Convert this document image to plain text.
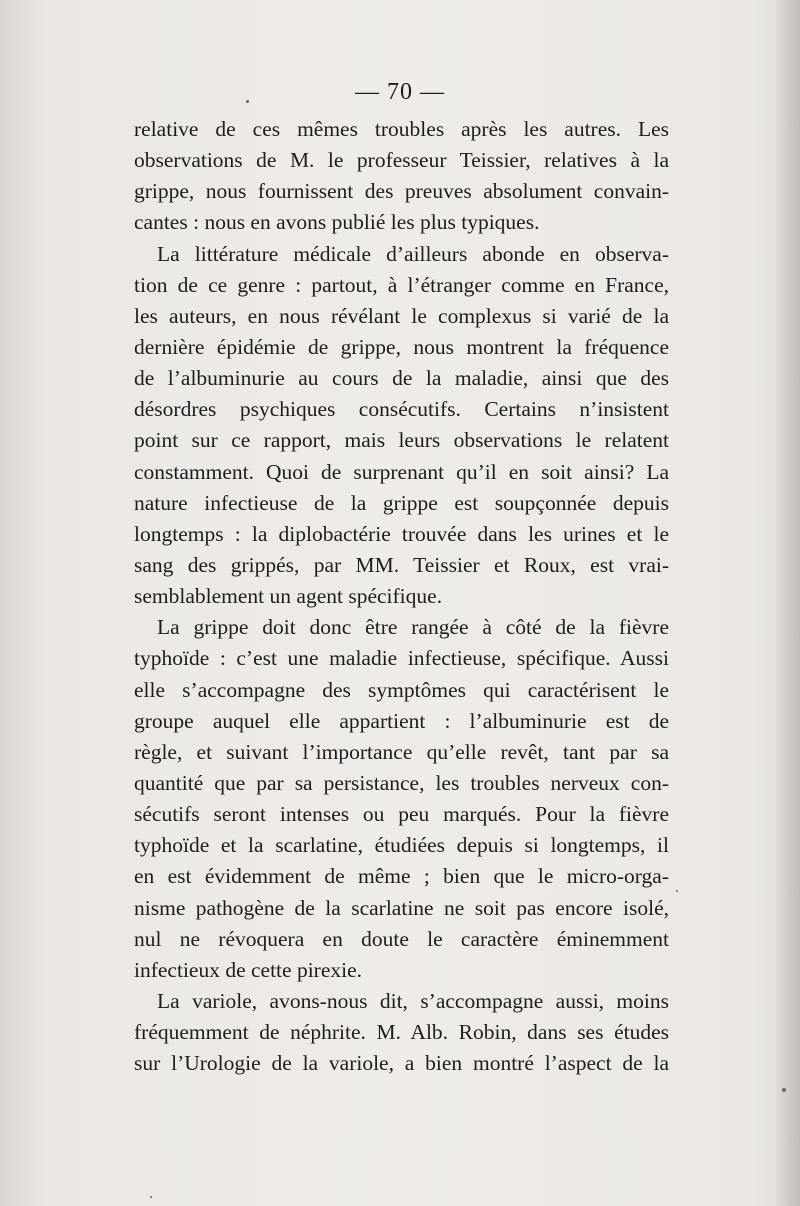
— 70 —
relative de ces mêmes troubles après les autres. Les
observations de M. le professeur Teissier, relatives à la
grippe, nous fournissent des preuves absolument convain-
cantes : nous en avons publié les plus typiques.
La littérature médicale d’ailleurs abonde en observa-
tion de ce genre : partout, à l’étranger comme en France,
les auteurs, en nous révélant le complexus si varié de la
dernière épidémie de grippe, nous montrent la fréquence
de l’albuminurie au cours de la maladie, ainsi que des
désordres psychiques consécutifs. Certains n’insistent
point sur ce rapport, mais leurs observations le relatent
constamment. Quoi de surprenant qu’il en soit ainsi? La
nature infectieuse de la grippe est soupçonnée depuis
longtemps : la diplobactérie trouvée dans les urines et le
sang des grippés, par MM. Teissier et Roux, est vrai-
semblablement un agent spécifique.
La grippe doit donc être rangée à côté de la fièvre
typhoïde : c’est une maladie infectieuse, spécifique. Aussi
elle s’accompagne des symptômes qui caractérisent le
groupe auquel elle appartient : l’albuminurie est de
règle, et suivant l’importance qu’elle revêt, tant par sa
quantité que par sa persistance, les troubles nerveux con-
sécutifs seront intenses ou peu marqués. Pour la fièvre
typhoïde et la scarlatine, étudiées depuis si longtemps, il
en est évidemment de même ; bien que le micro-orga-
nisme pathogène de la scarlatine ne soit pas encore isolé,
nul ne révoquera en doute le caractère éminemment
infectieux de cette pirexie.
La variole, avons-nous dit, s’accompagne aussi, moins
fréquemment de néphrite. M. Alb. Robin, dans ses études
sur l’Urologie de la variole, a bien montré l’aspect de la
